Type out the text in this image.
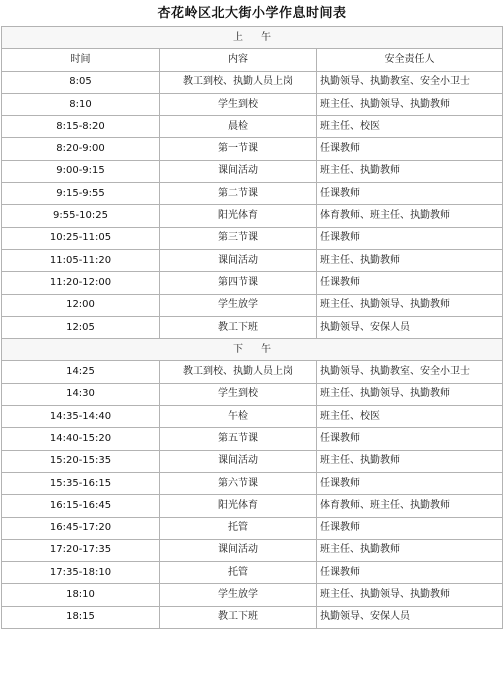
杏花岭区北大街小学作息时间表		
上午		
时间	内容	安全责任人
8:05	教工到校、执勤人员上岗	执勤领导、执勤教室、安全小卫士
8:10	学生到校	班主任、执勤领导、执勤教师
8:15-8:20	晨检	班主任、校医
8:20-9:00	第一节课	任课教师
9:00-9:15	课间活动	班主任、执勤教师
9:15-9:55	第二节课	任课教师
9:55-10:25	阳光体育	体育教师、班主任、执勤教师
10:25-11:05	第三节课	任课教师
11:05-11:20	课间活动	班主任、执勤教师
11:20-12:00	第四节课	任课教师
12:00	学生放学	班主任、执勤领导、执勤教师
12:05	教工下班	执勤领导、安保人员
下午		
14:25	教工到校、执勤人员上岗	执勤领导、执勤教室、安全小卫士
14:30	学生到校	班主任、执勤领导、执勤教师
14:35-14:40	午检	班主任、校医
14:40-15:20	第五节课	任课教师
15:20-15:35	课间活动	班主任、执勤教师
15:35-16:15	第六节课	任课教师
16:15-16:45	阳光体育	体育教师、班主任、执勤教师
16:45-17:20	托管	任课教师
17:20-17:35	课间活动	班主任、执勤教师
17:35-18:10	托管	任课教师
18:10	学生放学	班主任、执勤领导、执勤教师
18:15	教工下班	执勤领导、安保人员
